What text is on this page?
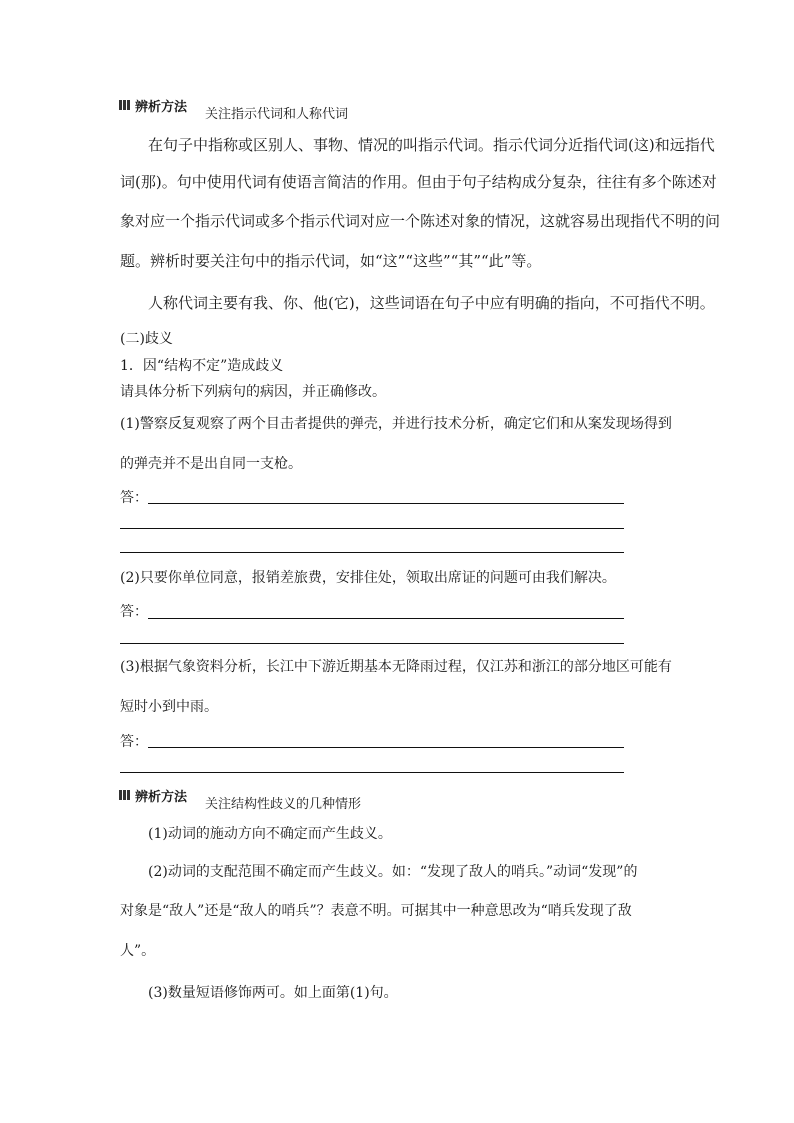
辨析方法 关注指示代词和人称代词
在句子中指称或区别人、事物、情况的叫指示代词。指示代词分近指代词(这)和远指代
词(那)。句中使用代词有使语言简洁的作用。但由于句子结构成分复杂，往往有多个陈述对
象对应一个指示代词或多个指示代词对应一个陈述对象的情况，这就容易出现指代不明的问
题。辨析时要关注句中的指示代词，如“这”“这些”“其”“此”等。
人称代词主要有我、你、他(它)，这些词语在句子中应有明确的指向，不可指代不明。
(二)歧义
1．因“结构不定”造成歧义
请具体分析下列病句的病因，并正确修改。
(1)警察反复观察了两个目击者提供的弹壳，并进行技术分析，确定它们和从案发现场得到
的弹壳并不是出自同一支枪。
答：
(2)只要你单位同意，报销差旅费，安排住处，领取出席证的问题可由我们解决。
答：
(3)根据气象资料分析，长江中下游近期基本无降雨过程，仅江苏和浙江的部分地区可能有
短时小到中雨。
答：
辨析方法 关注结构性歧义的几种情形
(1)动词的施动方向不确定而产生歧义。
(2)动词的支配范围不确定而产生歧义。如：“发现了敌人的哨兵。”动词“发现”的
对象是“敌人”还是“敌人的哨兵”？表意不明。可据其中一种意思改为“哨兵发现了敌
人”。
(3)数量短语修饰两可。如上面第(1)句。
